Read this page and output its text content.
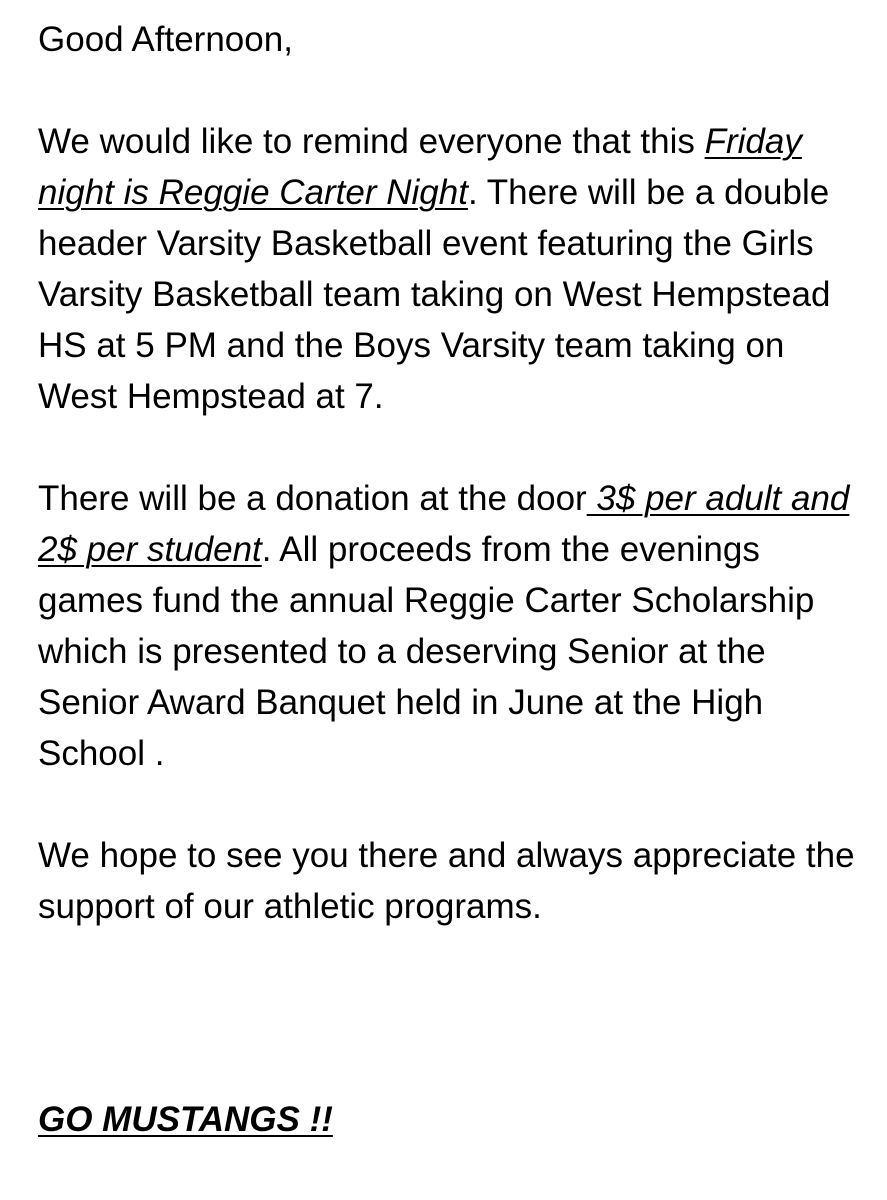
Good Afternoon,

We would like to remind everyone that this Friday night is Reggie Carter Night. There will be a double header Varsity Basketball event featuring the Girls Varsity Basketball team taking on West Hempstead HS at 5 PM and the Boys Varsity team taking on West Hempstead at 7.

There will be a donation at the door 3$ per adult and 2$ per student. All proceeds from the evenings games fund the annual Reggie Carter Scholarship which is presented to a deserving Senior at the Senior Award Banquet held in June at the High School .

We hope to see you there and always appreciate the support of our athletic programs.

GO MUSTANGS !!
